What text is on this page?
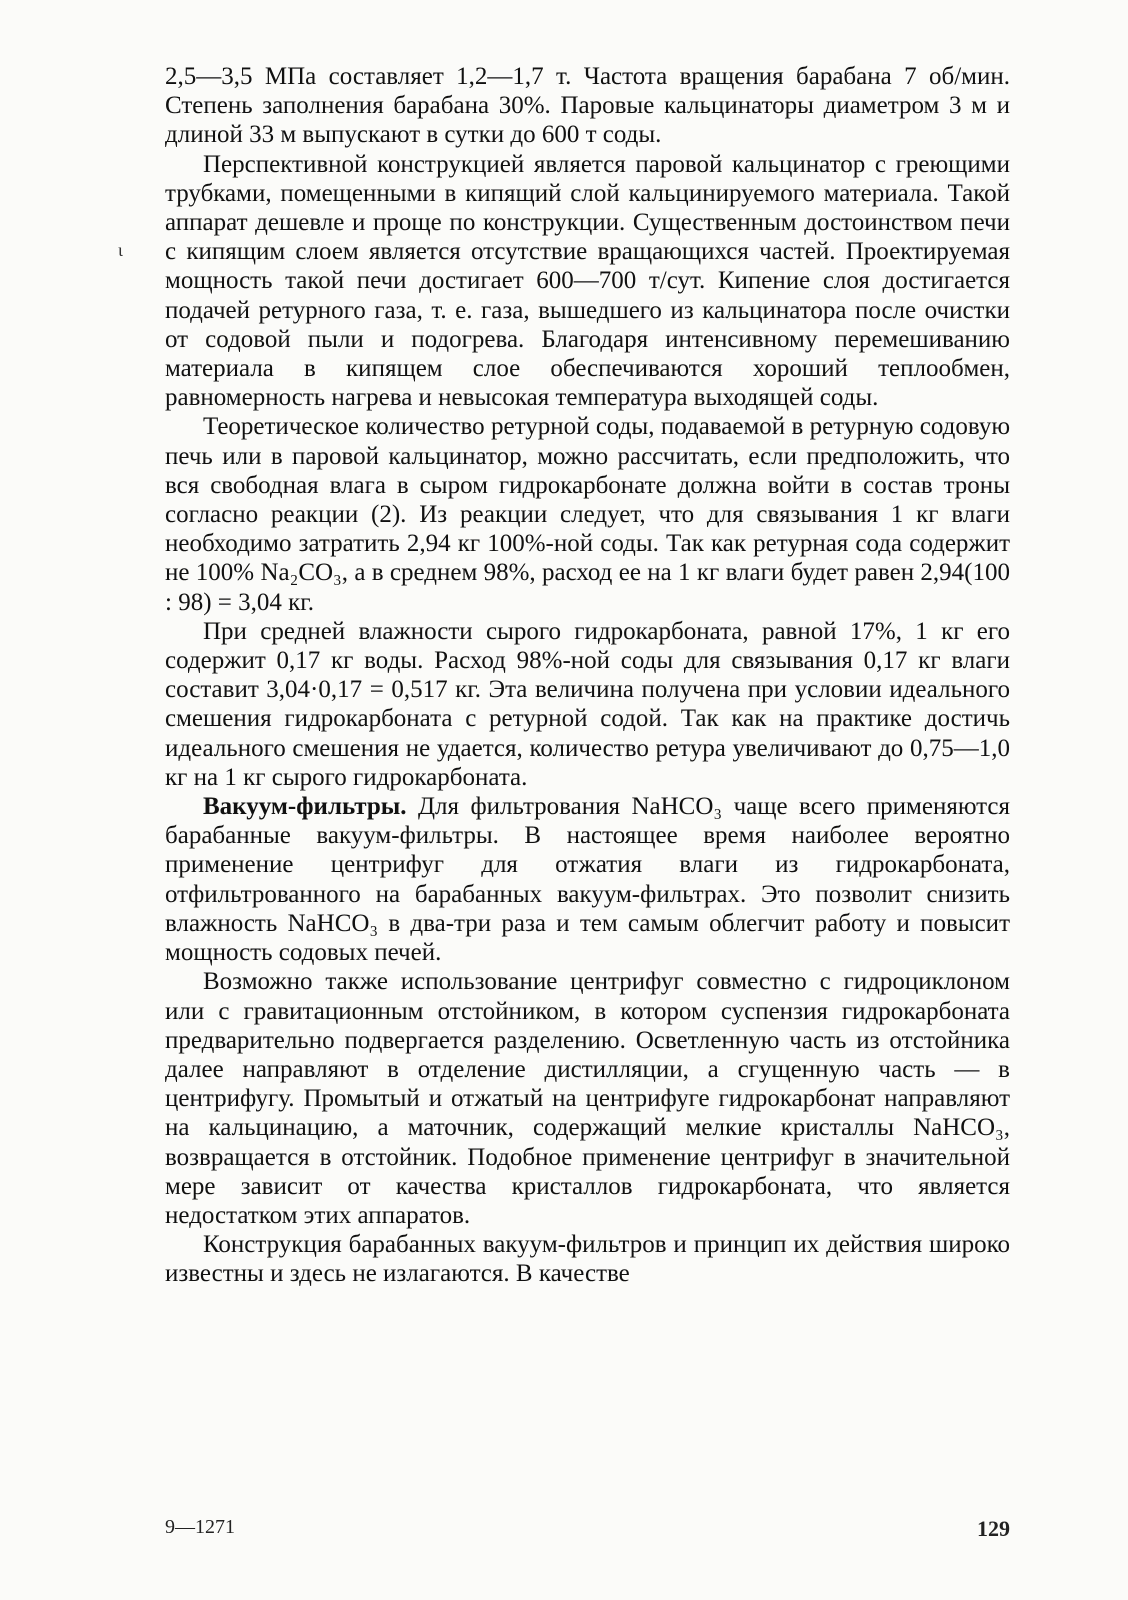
ɩ

2,5—3,5 МПа составляет 1,2—1,7 т. Частота вращения барабана 7 об/мин. Степень заполнения барабана 30%. Паровые кальцинаторы диаметром 3 м и длиной 33 м выпускают в сутки до 600 т соды.

Перспективной конструкцией является паровой кальцинатор с греющими трубками, помещенными в кипящий слой кальцинируемого материала. Такой аппарат дешевле и проще по конструкции. Существенным достоинством печи с кипящим слоем является отсутствие вращающихся частей. Проектируемая мощность такой печи достигает 600—700 т/сут. Кипение слоя достигается подачей ретурного газа, т. е. газа, вышедшего из кальцинатора после очистки от содовой пыли и подогрева. Благодаря интенсивному перемешиванию материала в кипящем слое обеспечиваются хороший теплообмен, равномерность нагрева и невысокая температура выходящей соды.

Теоретическое количество ретурной соды, подаваемой в ретурную содовую печь или в паровой кальцинатор, можно рассчитать, если предположить, что вся свободная влага в сыром гидрокарбонате должна войти в состав троны согласно реакции (2). Из реакции следует, что для связывания 1 кг влаги необходимо затратить 2,94 кг 100%-ной соды. Так как ретурная сода содержит не 100% Na₂CO₃, а в среднем 98%, расход ее на 1 кг влаги будет равен 2,94(100 : 98) = 3,04 кг.

При средней влажности сырого гидрокарбоната, равной 17%, 1 кг его содержит 0,17 кг воды. Расход 98%-ной соды для связывания 0,17 кг влаги составит 3,04·0,17 = 0,517 кг. Эта величина получена при условии идеального смешения гидрокарбоната с ретурной содой. Так как на практике достичь идеального смешения не удается, количество ретура увеличивают до 0,75—1,0 кг на 1 кг сырого гидрокарбоната.

Вакуум-фильтры. Для фильтрования NaHCO₃ чаще всего применяются барабанные вакуум-фильтры. В настоящее время наиболее вероятно применение центрифуг для отжатия влаги из гидрокарбоната, отфильтрованного на барабанных вакуум-фильтрах. Это позволит снизить влажность NaHCO₃ в два-три раза и тем самым облегчит работу и повысит мощность содовых печей.

Возможно также использование центрифуг совместно с гидроциклоном или с гравитационным отстойником, в котором суспензия гидрокарбоната предварительно подвергается разделению. Осветленную часть из отстойника далее направляют в отделение дистилляции, а сгущенную часть — в центрифугу. Промытый и отжатый на центрифуге гидрокарбонат направляют на кальцинацию, а маточник, содержащий мелкие кристаллы NaHCO₃, возвращается в отстойник. Подобное применение центрифуг в значительной мере зависит от качества кристаллов гидрокарбоната, что является недостатком этих аппаратов.

Конструкция барабанных вакуум-фильтров и принцип их действия широко известны и здесь не излагаются. В качестве

9—1271	129
